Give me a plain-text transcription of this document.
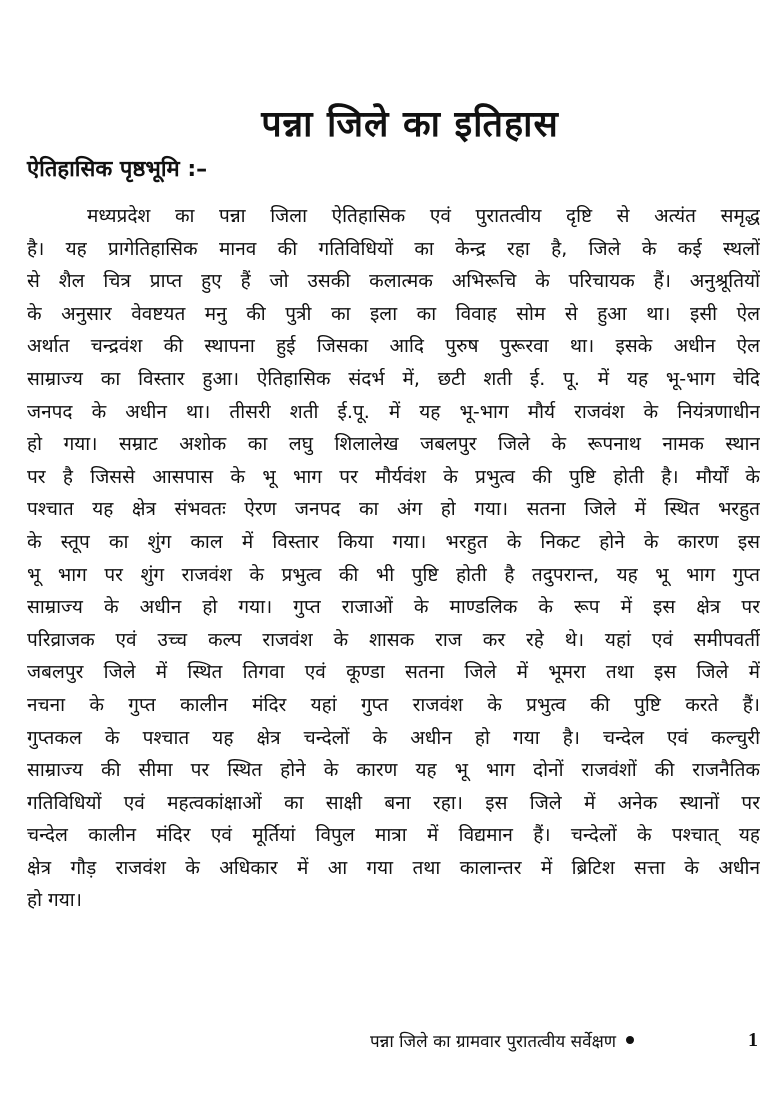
पन्ना जिले का इतिहास
ऐतिहासिक पृष्ठभूमि :–
मध्यप्रदेश का पन्ना जिला ऐतिहासिक एवं पुरातत्वीय दृष्टि से अत्यंत समृद्ध
है। यह प्रागेतिहासिक मानव की गतिविधियों का केन्द्र रहा है, जिले के कई स्थलों
से शैल चित्र प्राप्त हुए हैं जो उसकी कलात्मक अभिरूचि के परिचायक हैं। अनुश्रूतियों
के अनुसार वेवष्टयत मनु की पुत्री का इला का विवाह सोम से हुआ था। इसी ऐल
अर्थात चन्द्रवंश की स्थापना हुई जिसका आदि पुरुष पुरूरवा था। इसके अधीन ऐल
साम्राज्य का विस्तार हुआ। ऐतिहासिक संदर्भ में, छटी शती ई. पू. में यह भू-भाग चेदि
जनपद के अधीन था। तीसरी शती ई.पू. में यह भू-भाग मौर्य राजवंश के नियंत्रणाधीन
हो गया। सम्राट अशोक का लघु शिलालेख जबलपुर जिले के रूपनाथ नामक स्थान
पर है जिससे आसपास के भू भाग पर मौर्यवंश के प्रभुत्व की पुष्टि होती है। मौर्यों के
पश्चात यह क्षेत्र संभवतः ऐरण जनपद का अंग हो गया। सतना जिले में स्थित भरहुत
के स्तूप का शुंग काल में विस्तार किया गया। भरहुत के निकट होने के कारण इस
भू भाग पर शुंग राजवंश के प्रभुत्व की भी पुष्टि होती है तदुपरान्त, यह भू भाग गुप्त
साम्राज्य के अधीन हो गया। गुप्त राजाओं के माण्डलिक के रूप में इस क्षेत्र पर
परिव्राजक एवं उच्च कल्प राजवंश के शासक राज कर रहे थे। यहां एवं समीपवर्ती
जबलपुर जिले में स्थित तिगवा एवं कूण्डा सतना जिले में भूमरा तथा इस जिले में
नचना के गुप्त कालीन मंदिर यहां गुप्त राजवंश के प्रभुत्व की पुष्टि करते हैं।
गुप्तकल के पश्चात यह क्षेत्र चन्देलों के अधीन हो गया है। चन्देल एवं कल्चुरी
साम्राज्य की सीमा पर स्थित होने के कारण यह भू भाग दोनों राजवंशों की राजनैतिक
गतिविधियों एवं महत्वकांक्षाओं का साक्षी बना रहा। इस जिले में अनेक स्थानों पर
चन्देल कालीन मंदिर एवं मूर्तियां विपुल मात्रा में विद्यमान हैं। चन्देलों के पश्चात् यह
क्षेत्र गौड़ राजवंश के अधिकार में आ गया तथा कालान्तर में ब्रिटिश सत्ता के अधीन
हो गया।
पन्ना जिले का ग्रामवार पुरातत्वीय सर्वेक्षण	1
